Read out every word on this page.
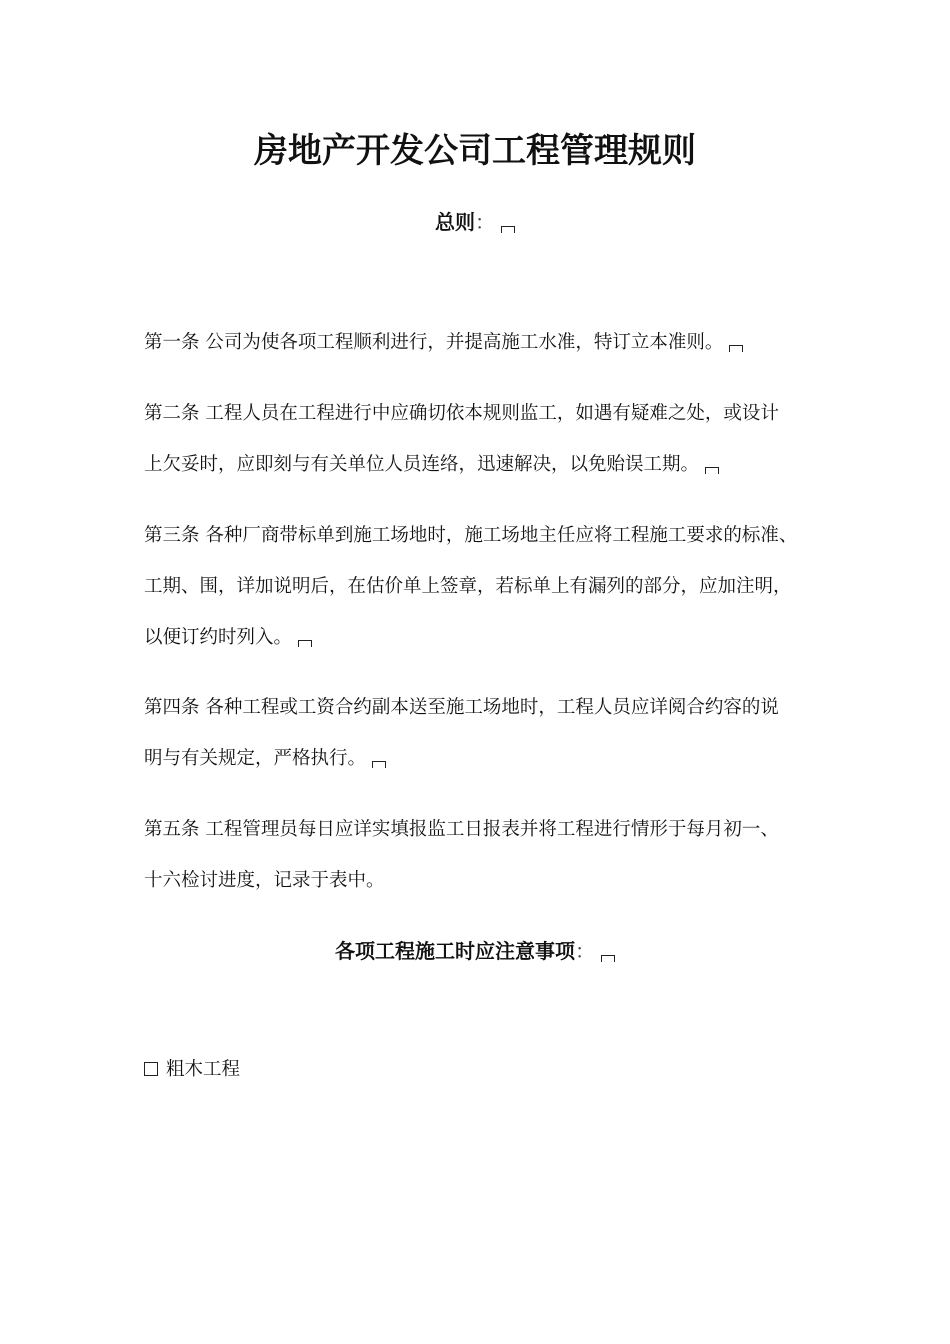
房地产开发公司工程管理规则
总则：
第一条 公司为使各项工程顺利进行，并提高施工水准，特订立本准则。
第二条 工程人员在工程进行中应确切依本规则监工，如遇有疑难之处，或设计
上欠妥时，应即刻与有关单位人员连络，迅速解决，以免贻误工期。
第三条 各种厂商带标单到施工场地时，施工场地主任应将工程施工要求的标准、
工期、围，详加说明后，在估价单上签章，若标单上有漏列的部分，应加注明，
以便订约时列入。
第四条 各种工程或工资合约副本送至施工场地时，工程人员应详阅合约容的说
明与有关规定，严格执行。
第五条 工程管理员每日应详实填报监工日报表并将工程进行情形于每月初一、
十六检讨进度，记录于表中。
各项工程施工时应注意事项：
粗木工程
